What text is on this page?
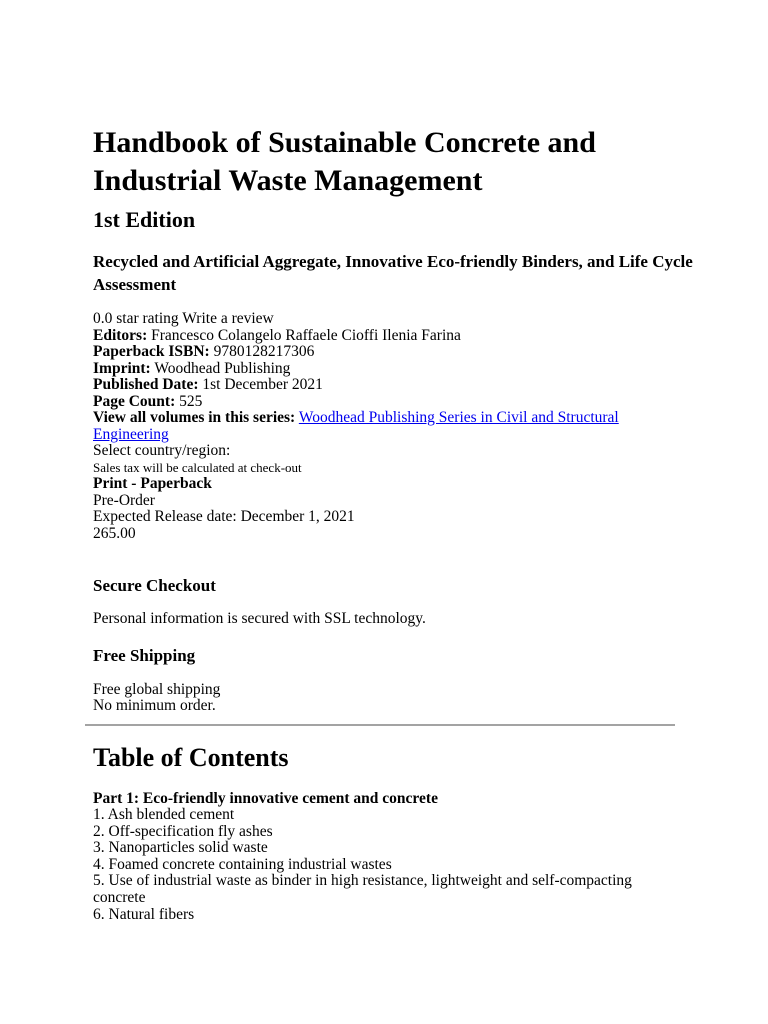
Handbook of Sustainable Concrete and Industrial Waste Management
1st Edition
Recycled and Artificial Aggregate, Innovative Eco-friendly Binders, and Life Cycle Assessment
0.0 star rating Write a review
Editors: Francesco Colangelo Raffaele Cioffi Ilenia Farina
Paperback ISBN: 9780128217306
Imprint: Woodhead Publishing
Published Date: 1st December 2021
Page Count: 525
View all volumes in this series: Woodhead Publishing Series in Civil and Structural Engineering
Select country/region:
Sales tax will be calculated at check-out
Print - Paperback
Pre-Order
Expected Release date: December 1, 2021
265.00
Secure Checkout

Personal information is secured with SSL technology.

Free Shipping
Free global shipping
No minimum order.
Table of Contents
Part 1: Eco-friendly innovative cement and concrete
1. Ash blended cement
2. Off-specification fly ashes
3. Nanoparticles solid waste
4. Foamed concrete containing industrial wastes
5. Use of industrial waste as binder in high resistance, lightweight and self-compacting concrete
6. Natural fibers
